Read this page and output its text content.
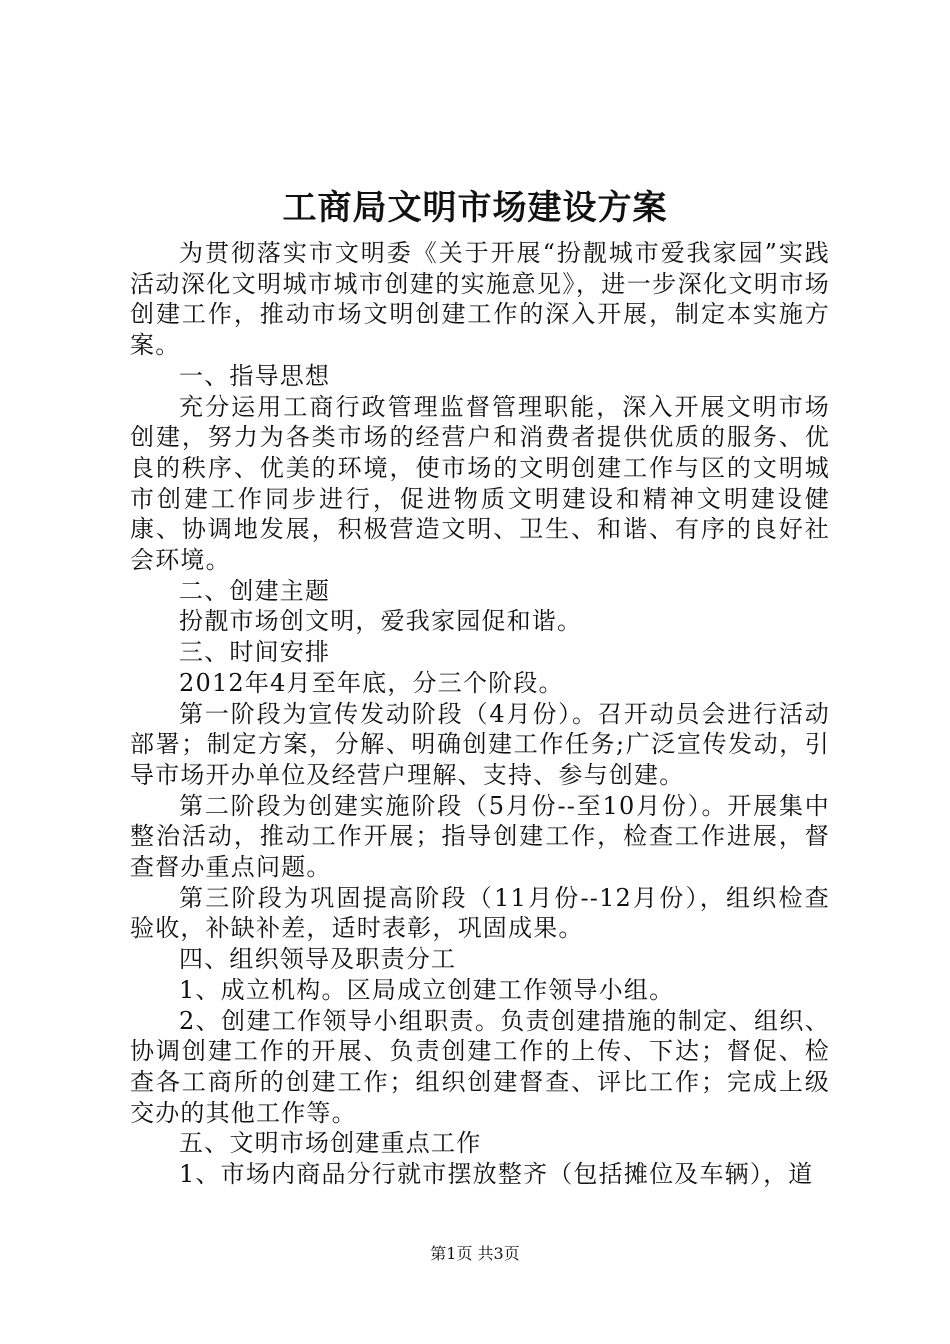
工商局文明市场建设方案

为贯彻落实市文明委《关于开展“扮靓城市爱我家园”实践活动深化文明城市城市创建的实施意见》，进一步深化文明市场创建工作，推动市场文明创建工作的深入开展，制定本实施方案。

一、指导思想

充分运用工商行政管理监督管理职能，深入开展文明市场创建，努力为各类市场的经营户和消费者提供优质的服务、优良的秩序、优美的环境，使市场的文明创建工作与区的文明城市创建工作同步进行，促进物质文明建设和精神文明建设健康、协调地发展，积极营造文明、卫生、和谐、有序的良好社会环境。

二、创建主题

扮靓市场创文明，爱我家园促和谐。

三、时间安排

2012年4月至年底，分三个阶段。

第一阶段为宣传发动阶段（4月份）。召开动员会进行活动部署；制定方案，分解、明确创建工作任务;广泛宣传发动，引导市场开办单位及经营户理解、支持、参与创建。

第二阶段为创建实施阶段（5月份--至10月份）。开展集中整治活动，推动工作开展；指导创建工作，检查工作进展，督查督办重点问题。

第三阶段为巩固提高阶段（11月份--12月份），组织检查验收，补缺补差，适时表彰，巩固成果。

四、组织领导及职责分工

1、成立机构。区局成立创建工作领导小组。

2、创建工作领导小组职责。负责创建措施的制定、组织、协调创建工作的开展、负责创建工作的上传、下达；督促、检查各工商所的创建工作；组织创建督查、评比工作；完成上级交办的其他工作等。

五、文明市场创建重点工作

1、市场内商品分行就市摆放整齐（包括摊位及车辆），道

第1页 共3页
